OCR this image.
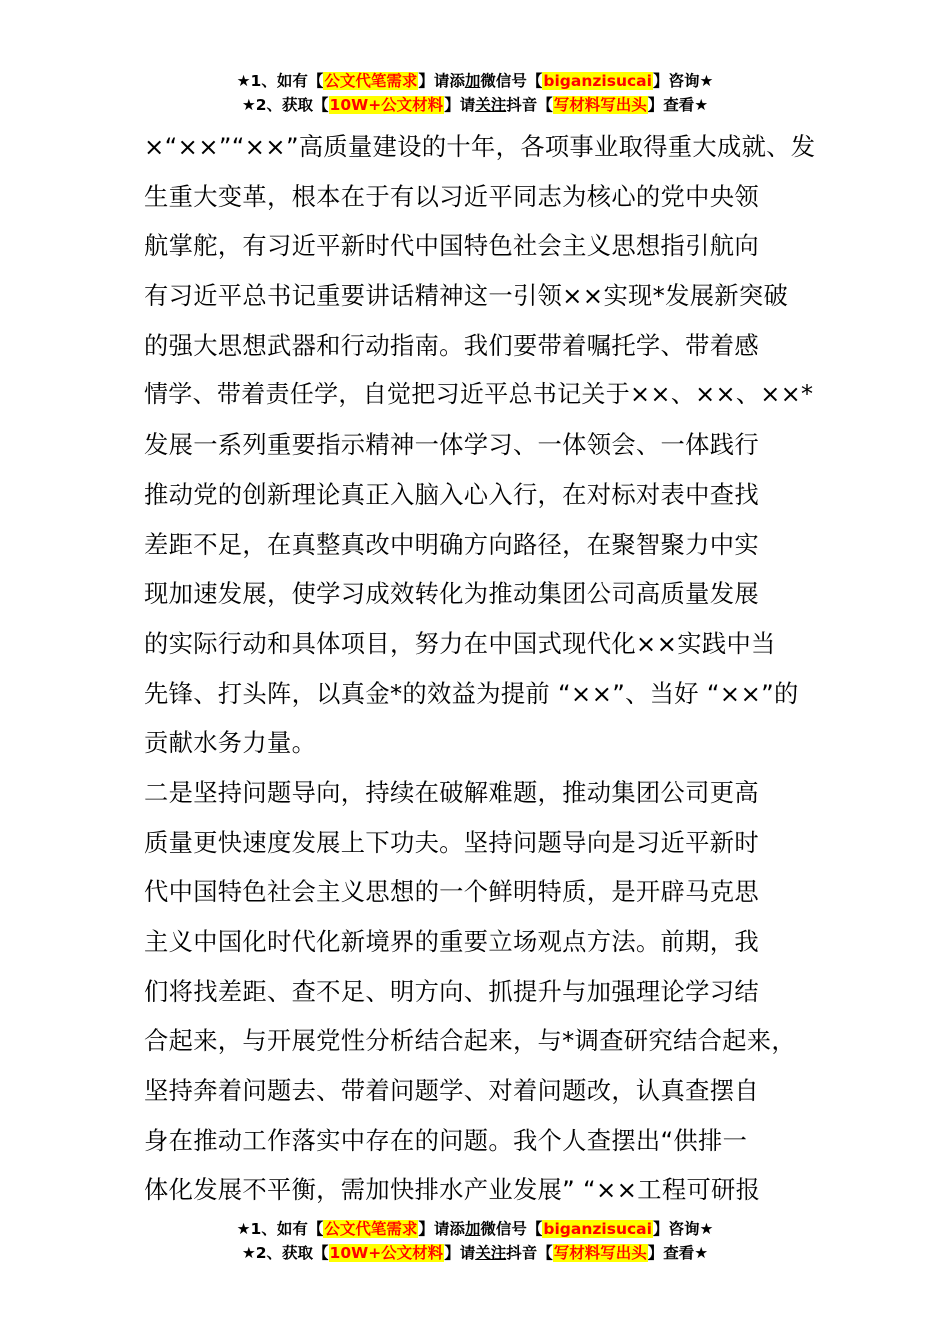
★1、如有【公文代笔需求】请添加微信号【biganzisucai】咨询★
★2、获取【10W+公文材料】请关注抖音【写材料写出头】查看★
×“××”“××”高质量建设的十年，各项事业取得重大成就、发
生重大变革，根本在于有以习近平同志为核心的党中央领
航掌舵，有习近平新时代中国特色社会主义思想指引航向
有习近平总书记重要讲话精神这一引领××实现*发展新突破
的强大思想武器和行动指南。我们要带着嘱托学、带着感
情学、带着责任学，自觉把习近平总书记关于××、××、××*
发展一系列重要指示精神一体学习、一体领会、一体践行
推动党的创新理论真正入脑入心入行，在对标对表中查找
差距不足，在真整真改中明确方向路径，在聚智聚力中实
现加速发展，使学习成效转化为推动集团公司高质量发展
的实际行动和具体项目，努力在中国式现代化××实践中当
先锋、打头阵，以真金*的效益为提前 “××”、当好 “××”的
贡献水务力量。
二是坚持问题导向，持续在破解难题，推动集团公司更高
质量更快速度发展上下功夫。坚持问题导向是习近平新时
代中国特色社会主义思想的一个鲜明特质，是开辟马克思
主义中国化时代化新境界的重要立场观点方法。前期，我
们将找差距、查不足、明方向、抓提升与加强理论学习结
合起来，与开展党性分析结合起来，与*调查研究结合起来，
坚持奔着问题去、带着问题学、对着问题改，认真查摆自
身在推动工作落实中存在的问题。我个人查摆出“供排一
体化发展不平衡，需加快排水产业发展” “××工程可研报
★1、如有【公文代笔需求】请添加微信号【biganzisucai】咨询★
★2、获取【10W+公文材料】请关注抖音【写材料写出头】查看★
